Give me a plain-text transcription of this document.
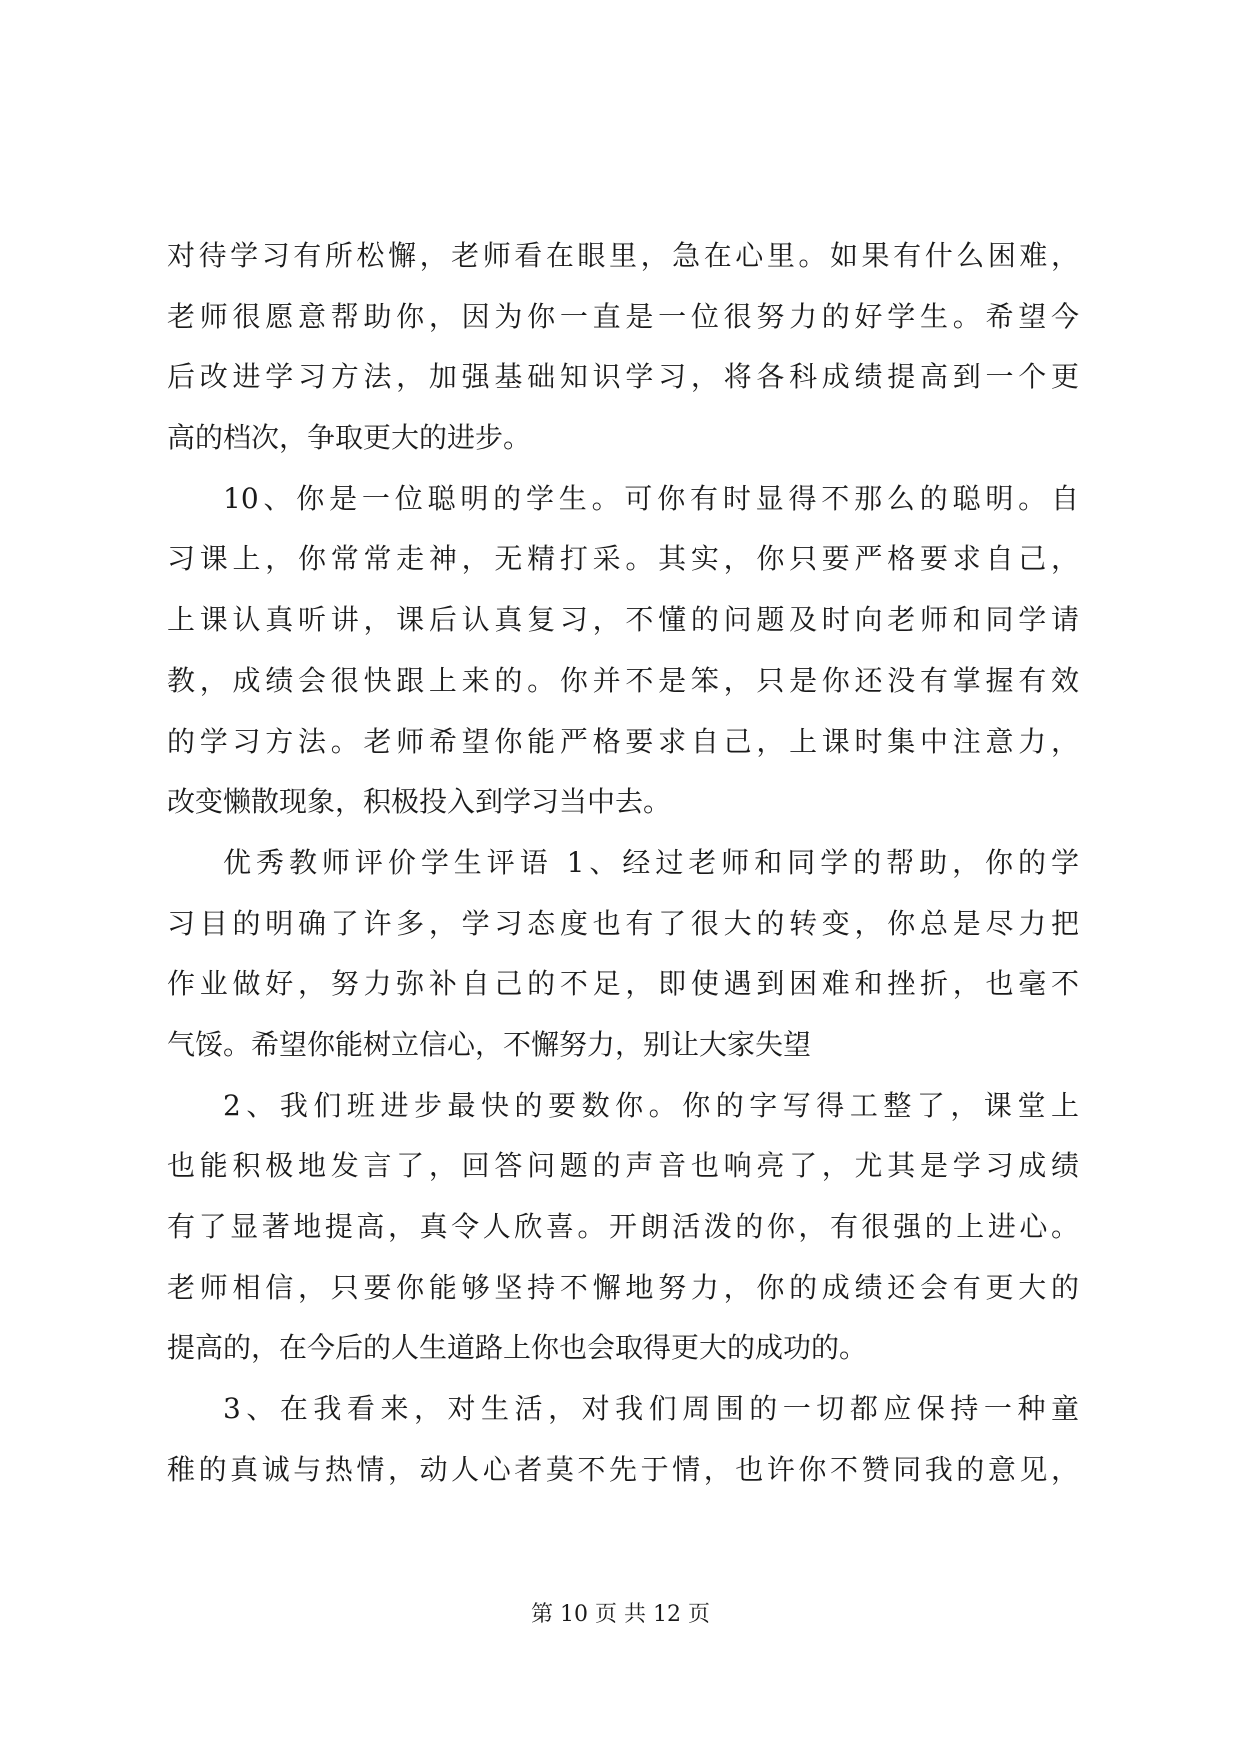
对待学习有所松懈，老师看在眼里，急在心里。如果有什么困难，
老师很愿意帮助你，因为你一直是一位很努力的好学生。希望今
后改进学习方法，加强基础知识学习，将各科成绩提高到一个更
高的档次，争取更大的进步。
10、你是一位聪明的学生。可你有时显得不那么的聪明。自
习课上，你常常走神，无精打采。其实，你只要严格要求自己，
上课认真听讲，课后认真复习，不懂的问题及时向老师和同学请
教，成绩会很快跟上来的。你并不是笨，只是你还没有掌握有效
的学习方法。老师希望你能严格要求自己，上课时集中注意力，
改变懒散现象，积极投入到学习当中去。
优秀教师评价学生评语 1、经过老师和同学的帮助，你的学
习目的明确了许多，学习态度也有了很大的转变，你总是尽力把
作业做好，努力弥补自己的不足，即使遇到困难和挫折，也毫不
气馁。希望你能树立信心，不懈努力，别让大家失望
2、我们班进步最快的要数你。你的字写得工整了，课堂上
也能积极地发言了，回答问题的声音也响亮了，尤其是学习成绩
有了显著地提高，真令人欣喜。开朗活泼的你，有很强的上进心。
老师相信，只要你能够坚持不懈地努力，你的成绩还会有更大的
提高的，在今后的人生道路上你也会取得更大的成功的。
3、在我看来，对生活，对我们周围的一切都应保持一种童
稚的真诚与热情，动人心者莫不先于情，也许你不赞同我的意见，
第 10 页 共 12 页
